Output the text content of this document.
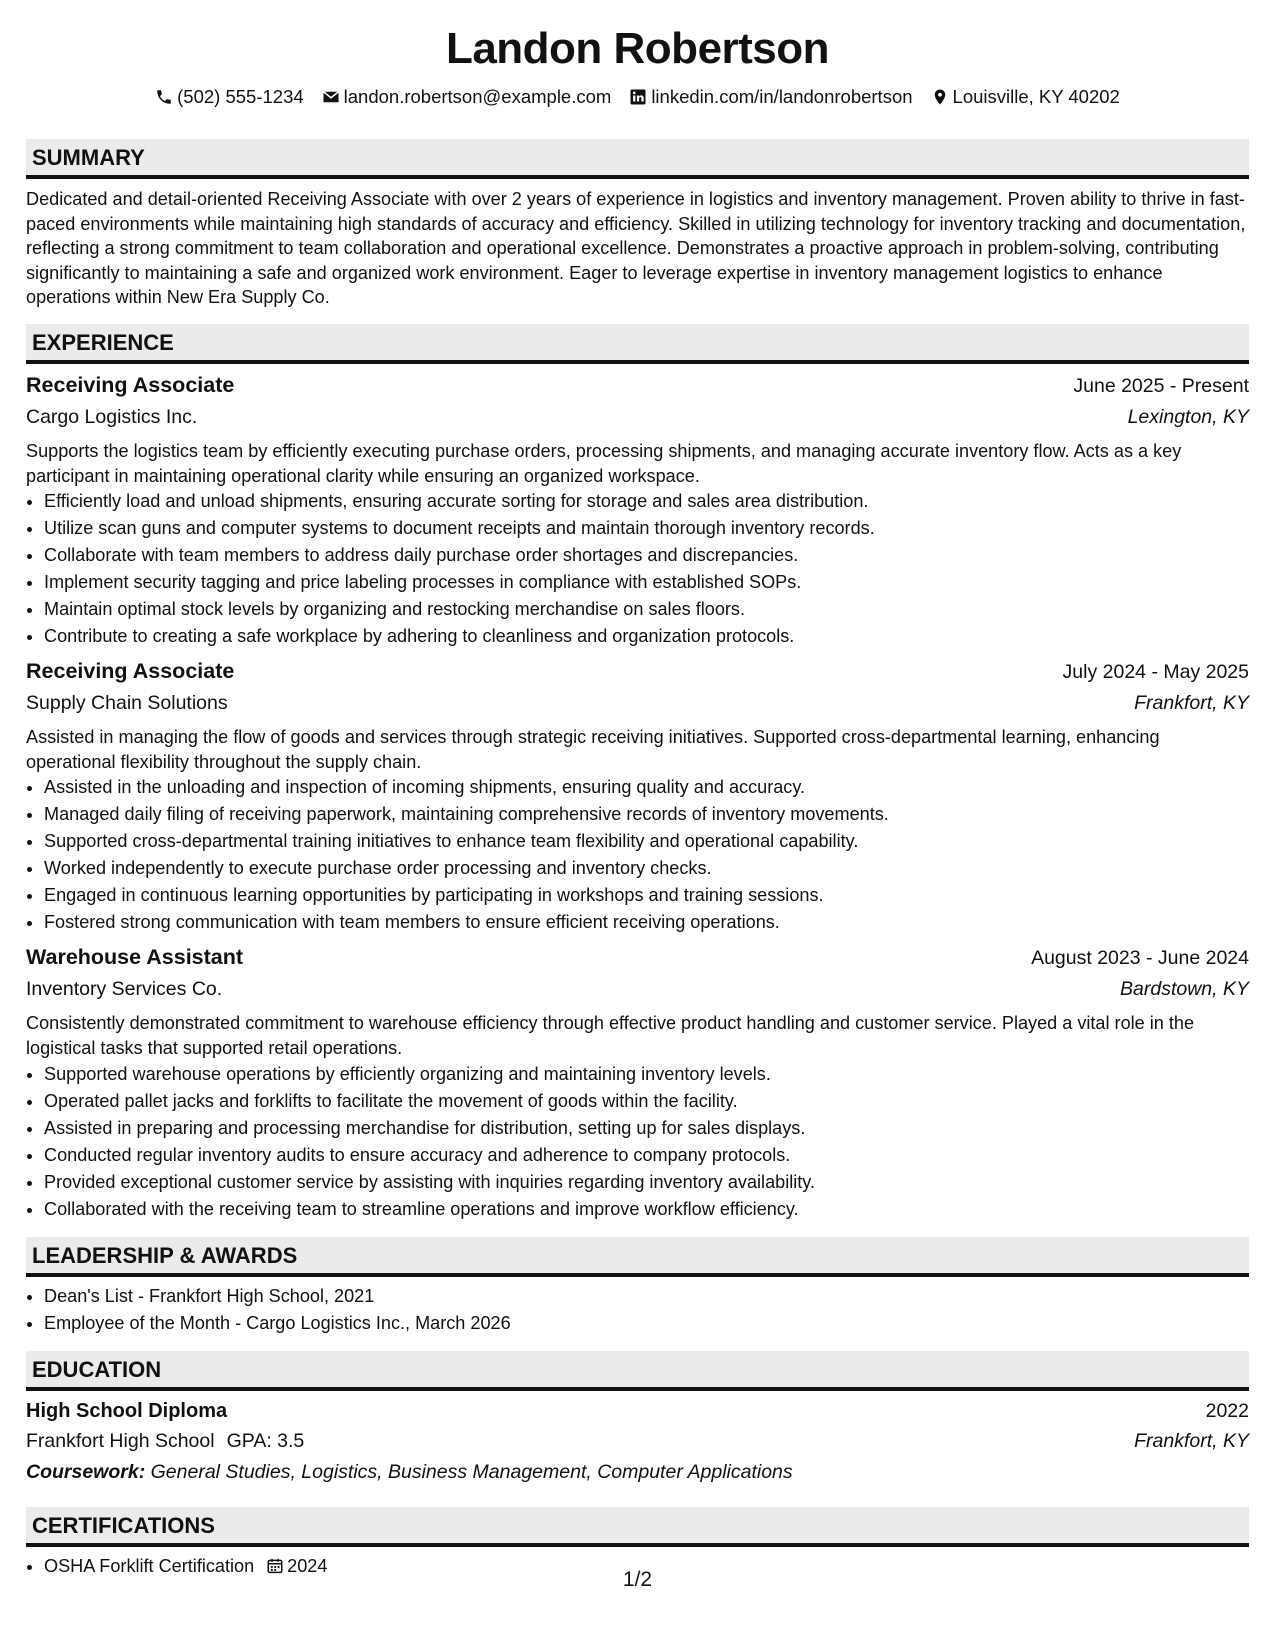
Landon Robertson
(502) 555-1234 landon.robertson@example.com linkedin.com/in/landonrobertson Louisville, KY 40202
SUMMARY

Dedicated and detail-oriented Receiving Associate with over 2 years of experience in logistics and inventory management. Proven ability to thrive in fast-paced environments while maintaining high standards of accuracy and efficiency. Skilled in utilizing technology for inventory tracking and documentation, reflecting a strong commitment to team collaboration and operational excellence. Demonstrates a proactive approach in problem-solving, contributing significantly to maintaining a safe and organized work environment. Eager to leverage expertise in inventory management logistics to enhance operations within New Era Supply Co.

EXPERIENCE
Receiving Associate	June 2025 - Present
Cargo Logistics Inc.	Lexington, KY

Supports the logistics team by efficiently executing purchase orders, processing shipments, and managing accurate inventory flow. Acts as a key participant in maintaining operational clarity while ensuring an organized workspace.

• Efficiently load and unload shipments, ensuring accurate sorting for storage and sales area distribution.
• Utilize scan guns and computer systems to document receipts and maintain thorough inventory records.
• Collaborate with team members to address daily purchase order shortages and discrepancies.
• Implement security tagging and price labeling processes in compliance with established SOPs.
• Maintain optimal stock levels by organizing and restocking merchandise on sales floors.
• Contribute to creating a safe workplace by adhering to cleanliness and organization protocols.
Receiving Associate	July 2024 - May 2025
Supply Chain Solutions	Frankfort, KY

Assisted in managing the flow of goods and services through strategic receiving initiatives. Supported cross-departmental learning, enhancing operational flexibility throughout the supply chain.

• Assisted in the unloading and inspection of incoming shipments, ensuring quality and accuracy.
• Managed daily filing of receiving paperwork, maintaining comprehensive records of inventory movements.
• Supported cross-departmental training initiatives to enhance team flexibility and operational capability.
• Worked independently to execute purchase order processing and inventory checks.
• Engaged in continuous learning opportunities by participating in workshops and training sessions.
• Fostered strong communication with team members to ensure efficient receiving operations.
Warehouse Assistant	August 2023 - June 2024
Inventory Services Co.	Bardstown, KY

Consistently demonstrated commitment to warehouse efficiency through effective product handling and customer service. Played a vital role in the logistical tasks that supported retail operations.

• Supported warehouse operations by efficiently organizing and maintaining inventory levels.
• Operated pallet jacks and forklifts to facilitate the movement of goods within the facility.
• Assisted in preparing and processing merchandise for distribution, setting up for sales displays.
• Conducted regular inventory audits to ensure accuracy and adherence to company protocols.
• Provided exceptional customer service by assisting with inquiries regarding inventory availability.
• Collaborated with the receiving team to streamline operations and improve workflow efficiency.
LEADERSHIP & AWARDS
• Dean's List - Frankfort High School, 2021
• Employee of the Month - Cargo Logistics Inc., March 2026
EDUCATION
High School Diploma	2022
Frankfort High School GPA: 3.5	Frankfort, KY
Coursework: General Studies, Logistics, Business Management, Computer Applications
CERTIFICATIONS
• OSHA Forklift Certification 2024
1/2
